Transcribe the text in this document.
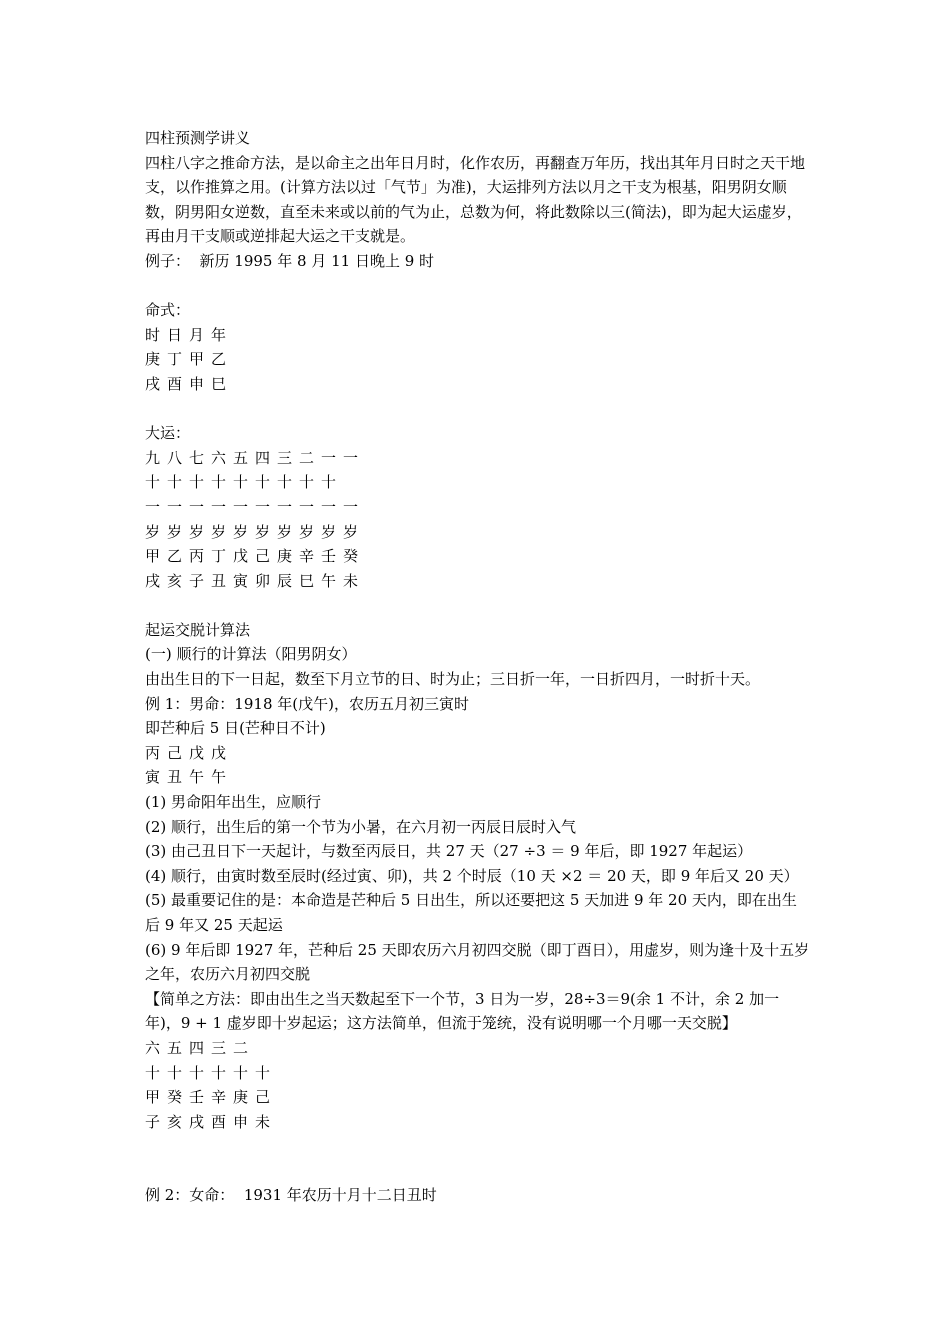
四柱预测学讲义
四柱八字之推命方法，是以命主之出年日月时，化作农历，再翻查万年历，找出其年月日时之天干地支，以作推算之用。(计算方法以过「气节」为准)，大运排列方法以月之干支为根基，阳男阴女顺数，阴男阳女逆数，直至未来或以前的气为止，总数为何，将此数除以三(简法)，即为起大运虚岁，再由月干支顺或逆排起大运之干支就是。
例子：  新历 1995 年 8 月 11 日晚上 9 时
命式：
时 日 月 年
庚 丁 甲 乙
戌 酉 申 巳
大运：
九 八 七 六 五 四 三 二 一 一
十 十 十 十 十 十 十 十 十
一 一 一 一 一 一 一 一 一 一
岁 岁 岁 岁 岁 岁 岁 岁 岁 岁
甲 乙 丙 丁 戊 己 庚 辛 壬 癸
戌 亥 子 丑 寅 卯 辰 巳 午 未
起运交脱计算法
(一) 顺行的计算法（阳男阴女）
由出生日的下一日起，数至下月立节的日、时为止；三日折一年，一日折四月，一时折十天。
例 1：男命：1918 年(戊午)，农历五月初三寅时
即芒种后 5 日(芒种日不计)
丙 己 戊 戊
寅 丑 午 午
(1) 男命阳年出生，应顺行
(2) 顺行，出生后的第一个节为小暑，在六月初一丙辰日辰时入气
(3) 由己丑日下一天起计，与数至丙辰日，共 27 天（27 ÷3 ＝ 9 年后，即 1927 年起运）
(4) 顺行，由寅时数至辰时(经过寅、卯)，共 2 个时辰（10 天 ×2 ＝ 20 天，即 9 年后又 20 天）
(5) 最重要记住的是：本命造是芒种后 5 日出生，所以还要把这 5 天加进 9 年 20 天内，即在出生后 9 年又 25 天起运
(6) 9 年后即 1927 年，芒种后 25 天即农历六月初四交脱（即丁酉日），用虚岁，则为逢十及十五岁之年，农历六月初四交脱
【简单之方法：即由出生之当天数起至下一个节，3 日为一岁，28÷3＝9(余 1 不计，余 2 加一年)，9 + 1 虚岁即十岁起运；这方法简单，但流于笼统，没有说明哪一个月哪一天交脱】
六 五 四 三 二
十 十 十 十 十 十
甲 癸 壬 辛 庚 己
子 亥 戌 酉 申 未
例 2：女命：  1931 年农历十月十二日丑时
